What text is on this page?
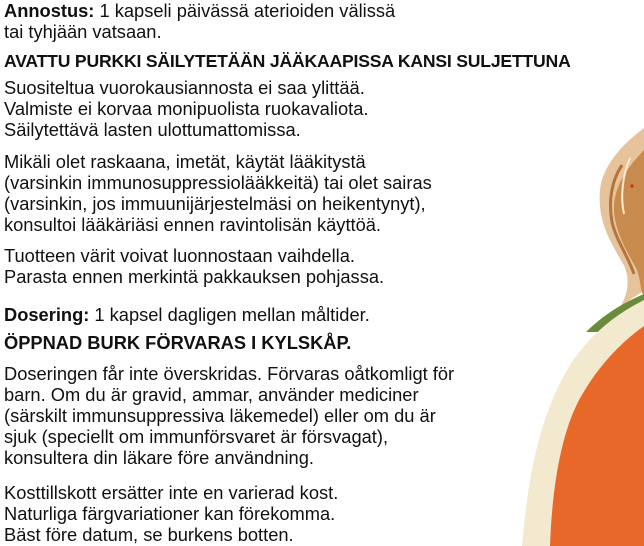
Annostus: 1 kapseli päivässä aterioiden välissä
tai tyhjään vatsaan.
AVATTU PURKKI SÄILYTETÄÄN JÄÄKAAPISSA KANSI SULJETTUNA
Suositeltua vuorokausiannosta ei saa ylittää.
Valmiste ei korvaa monipuolista ruokavaliota.
Säilytettävä lasten ulottumattomissa.
Mikäli olet raskaana, imetät, käytät lääkitystä
(varsinkin immunosuppressiolääkkeitä) tai olet sairas
(varsinkin, jos immuunijärjestelmäsi on heikentynyt),
konsultoi lääkäriäsi ennen ravintolisän käyttöä.
Tuotteen värit voivat luonnostaan vaihdella.
Parasta ennen merkintä pakkauksen pohjassa.
Dosering: 1 kapsel dagligen mellan måltider.
ÖPPNAD BURK FÖRVARAS I KYLSKÅP.
Doseringen får inte överskridas. Förvaras oåtkomligt för
barn. Om du är gravid, ammar, använder mediciner
(särskilt immunsuppressiva läkemedel) eller om du är
sjuk (speciellt om immunförsvaret är försvagat),
konsultera din läkare före användning.
Kosttillskott ersätter inte en varierad kost.
Naturliga färgvariationer kan förekomma.
Bäst före datum, se burkens botten.
